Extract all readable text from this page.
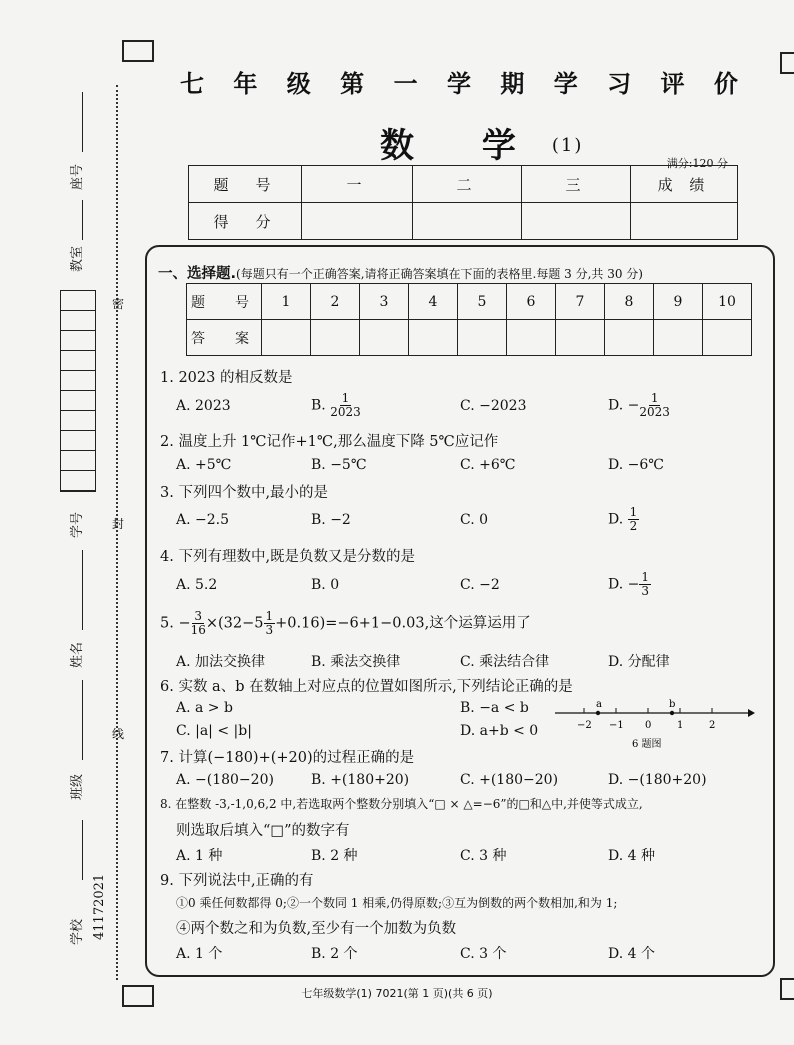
密
封
线
座号
教室
学号
姓名
班级
41172021
学校
七 年 级 第 一 学 期 学 习 评 价
数 学 $_{(1)}$
满分:120 分
题　号	一	二	三	成 绩
得　分				
一、选择题.(每题只有一个正确答案,请将正确答案填在下面的表格里.每题 3 分,共 30 分)
题　号	1	2	3	4	5	6	7	8	9	10
答　案										
1. 2023 的相反数是
A. 2023	B. $\frac{1}{2023}$	C. −2023	D. − $\frac{1}{2023}$
2. 温度上升 1℃记作+1℃,那么温度下降 5℃应记作
A. +5℃	B. −5℃	C. +6℃	D. −6℃
3. 下列四个数中,最小的是
A. −2.5	B. −2	C. 0	D. $\frac{1}{2}$
4. 下列有理数中,既是负数又是分数的是
A. 5.2	B. 0	C. −2	D. − $\frac{1}{3}$
5. − $\frac{3}{16} \times(32-5 \frac{1}{3} +0.16)=-6+1-0.03$,这个运算运用了
A. 加法交换律	B. 乘法交换律	C. 乘法结合律	D. 分配律
6. 实数 a、b 在数轴上对应点的位置如图所示,下列结论正确的是
A. a > b	B. −a < b
C. |a| < |b|	D. a+b < 0
a	b
−2 −1 0	1	2
6 题图
7. 计算(−180)+(+20)的过程正确的是
A. −(180−20)	B. +(180+20)	C. +(180−20)	D. −(180+20)
8. 在整数 -3,-1,0,6,2 中,若选取两个整数分别填入“□ × △=−6”的□和△中,并使等式成立,
则选取后填入“□”的数字有
A. 1 种	B. 2 种	C. 3 种	D. 4 种
9. 下列说法中,正确的有
①0 乘任何数都得 0;②一个数同 1 相乘,仍得原数;③互为倒数的两个数相加,和为 1;
④两个数之和为负数,至少有一个加数为负数
A. 1 个	B. 2 个	C. 3 个	D. 4 个
七年级数学(1) 7021(第 1 页)(共 6 页)
